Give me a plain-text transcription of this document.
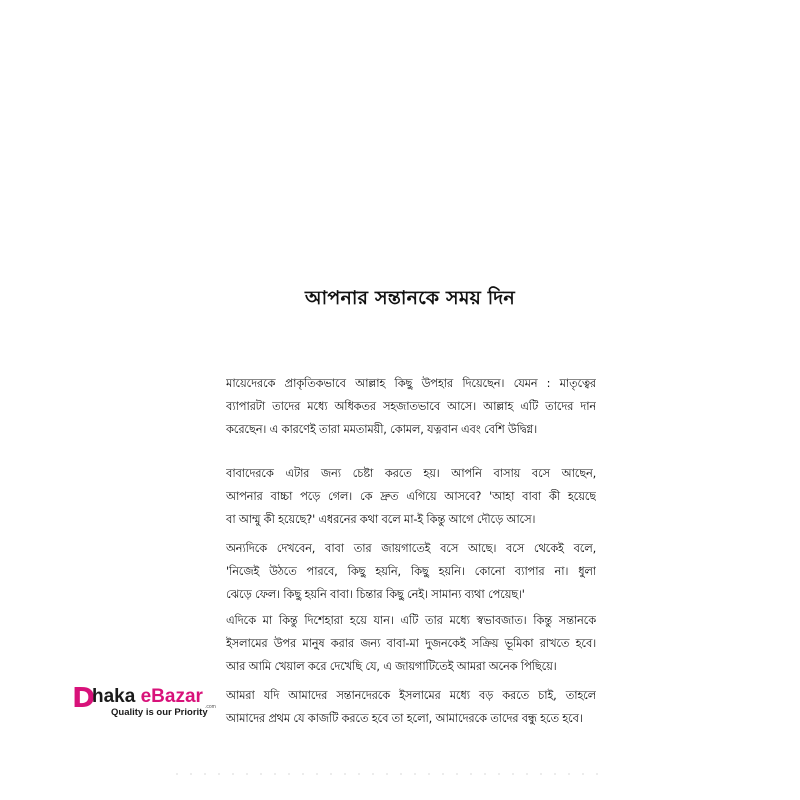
আপনার সন্তানকে সময় দিন
মায়েদেরকে প্রাকৃতিকভাবে আল্লাহ কিছু উপহার দিয়েছেন। যেমন : মাতৃত্বের
ব্যাপারটা তাদের মধ্যে অধিকতর সহজাতভাবে আসে। আল্লাহ এটি তাদের দান
করেছেন। এ কারণেই তারা মমতাময়ী, কোমল, যত্নবান এবং বেশি উদ্বিগ্ন।
বাবাদেরকে এটার জন্য চেষ্টা করতে হয়। আপনি বাসায় বসে আছেন,
আপনার বাচ্চা পড়ে গেল। কে দ্রুত এগিয়ে আসবে? 'আহা বাবা কী হয়েছে
বা আম্মু কী হয়েছে?' এধরনের কথা বলে মা-ই কিন্তু আগে দৌড়ে আসে।
অন্যদিকে দেখবেন, বাবা তার জায়গাতেই বসে আছে। বসে থেকেই বলে,
'নিজেই উঠতে পারবে, কিছু হয়নি, কিছু হয়নি। কোনো ব্যাপার না। ধুলা
ঝেড়ে ফেল। কিছু হয়নি বাবা। চিন্তার কিছু নেই। সামান্য ব্যথা পেয়েছ।'
এদিকে মা কিন্তু দিশেহারা হয়ে যান। এটি তার মধ্যে স্বভাবজাত। কিন্তু সন্তানকে
ইসলামের উপর মানুষ করার জন্য বাবা-মা দুজনকেই সক্রিয় ভূমিকা রাখতে হবে।
আর আমি খেয়াল করে দেখেছি যে, এ জায়গাটিতেই আমরা অনেক পিছিয়ে।
আমরা যদি আমাদের সন্তানদেরকে ইসলামের মধ্যে বড় করতে চাই, তাহলে
আমাদের প্রথম যে কাজটি করতে হবে তা হলো, আমাদেরকে তাদের বন্ধু হতে হবে।
D
haka eBazar .com
Quality is our Priority
